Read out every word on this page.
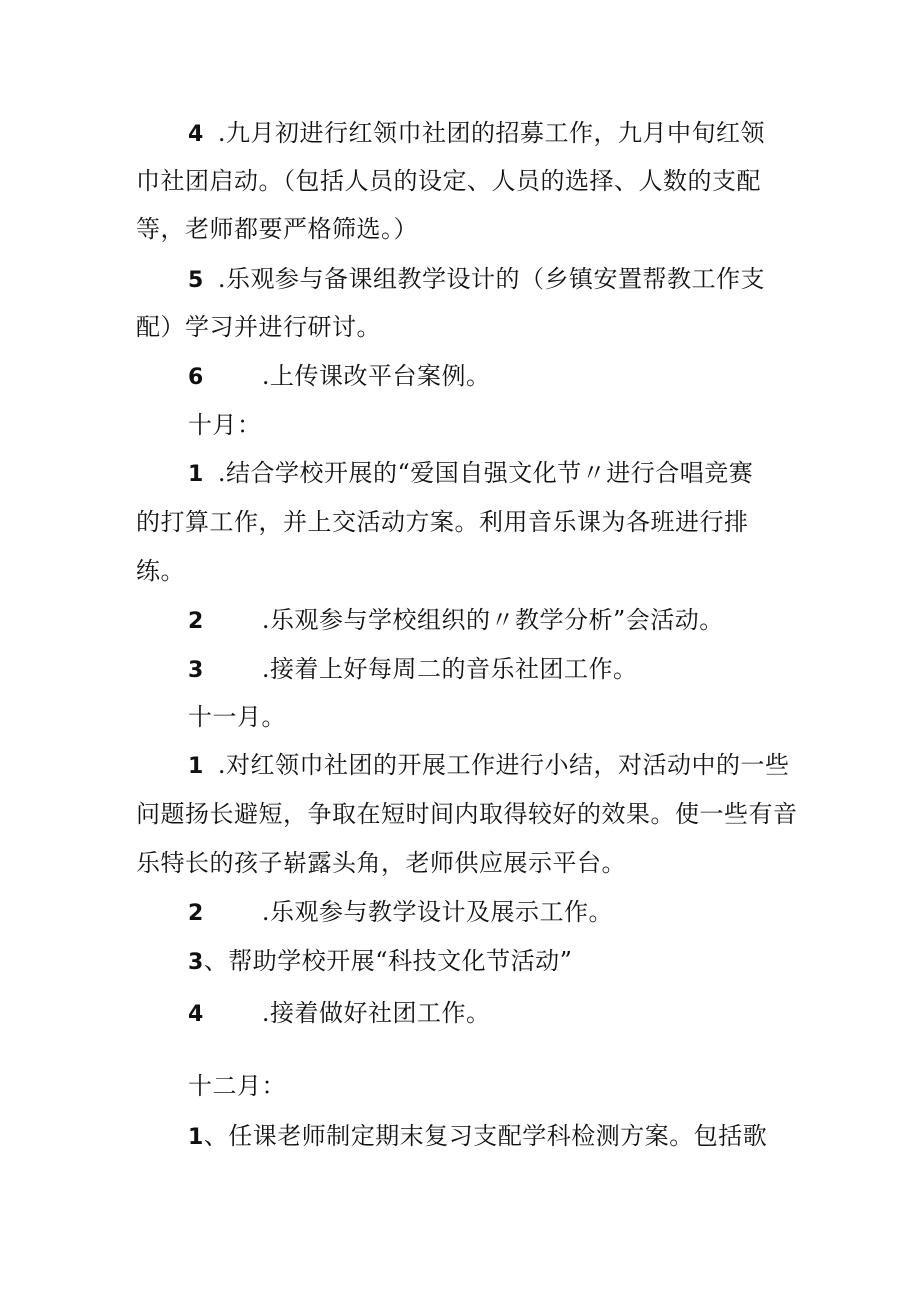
4 .九月初进行红领巾社团的招募工作，九月中旬红领
巾社团启动。（包括人员的设定、人员的选择、人数的支配
等，老师都要严格筛选。）
5 .乐观参与备课组教学设计的（乡镇安置帮教工作支
配）学习并进行研讨。
6 .上传课改平台案例。
十月：
1 .结合学校开展的“爱国自强文化节〃进行合唱竞赛
的打算工作，并上交活动方案。利用音乐课为各班进行排
练。
2 .乐观参与学校组织的〃教学分析”会活动。
3 .接着上好每周二的音乐社团工作。
十一月。
1 .对红领巾社团的开展工作进行小结，对活动中的一些
问题扬长避短，争取在短时间内取得较好的效果。使一些有音
乐特长的孩子崭露头角，老师供应展示平台。
2 .乐观参与教学设计及展示工作。
3、帮助学校开展“科技文化节活动”
4 .接着做好社团工作。
十二月：
1、任课老师制定期末复习支配学科检测方案。包括歌
